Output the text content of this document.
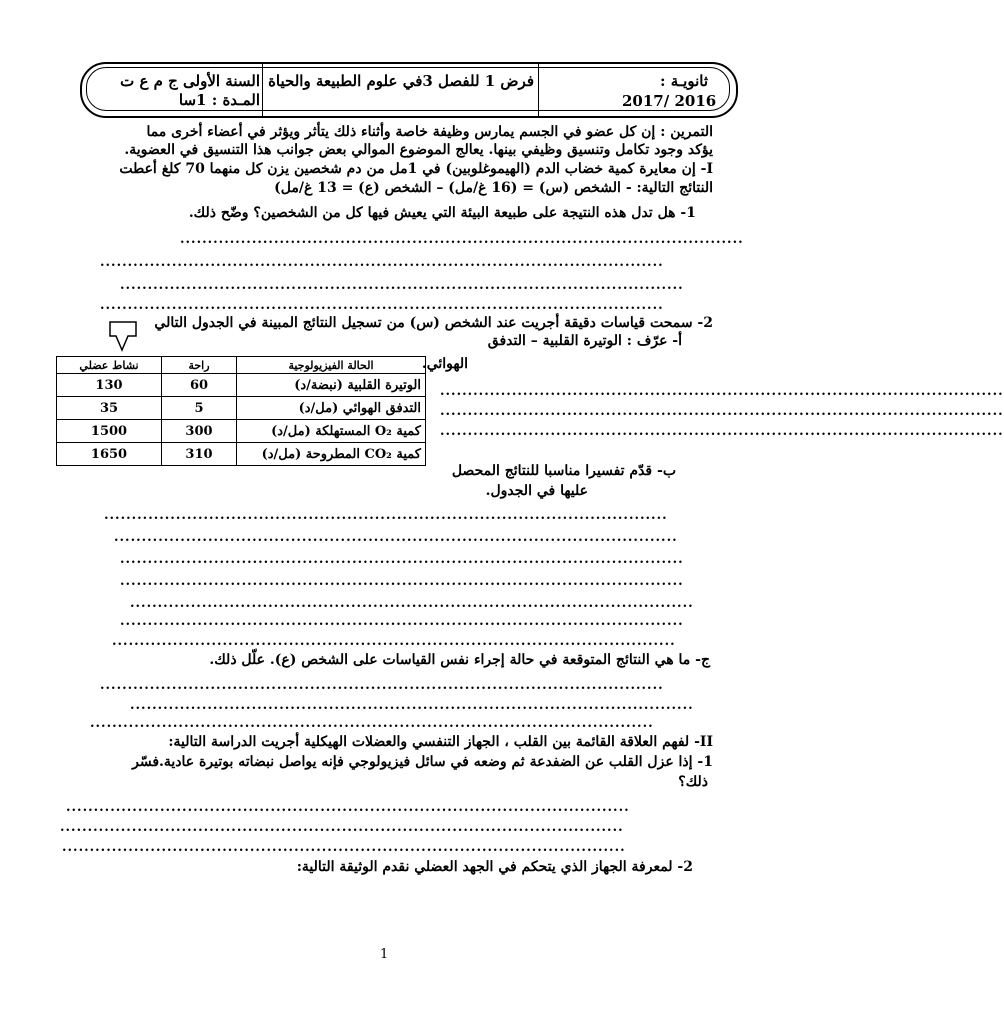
ثانويـة :
2017/ 2016
فرض 1 للفصل 3في علوم الطبيعة والحياة
السنة الأولى ج م ع ت
المـدة : 1سا
التمرين : إن كل عضو في الجسم يمارس وظيفة خاصة وأثناء ذلك يتأثر ويؤثر في أعضاء أخرى مما
يؤكد وجود تكامل وتنسيق وظيفي بينها. يعالج الموضوع الموالي بعض جوانب هذا التنسيق في العضوية.
I- إن معايرة كمية خضاب الدم (الهيموغلوبين) في 1مل من دم شخصين يزن كل منهما 70 كلغ أعطت
النتائج التالية: - الشخص (س) = (16 غ/مل) – الشخص (ع) = 13 غ/مل)
1- هل تدل هذه النتيجة على طبيعة البيئة التي يعيش فيها كل من الشخصين؟ وضّح ذلك.
......................................................................................................
......................................................................................................
......................................................................................................
......................................................................................................
2- سمحت قياسات دقيقة أجريت عند الشخص (س) من تسجيل النتائج المبينة في الجدول التالي
أ- عرّف : الوتيرة القلبية – التدفق
الهوائي.
الحالة الفيزيولوجية	راحة	نشاط عضلي
الوتيرة القلبية (نبضة/د)	60	130
التدفق الهوائي (مل/د)	5	35
كمية O₂ المستهلكة (مل/د)	300	1500
كمية CO₂ المطروحة (مل/د)	310	1650
......................................................................................................
......................................................................................................
......................................................................................................
ب- قدّم تفسيرا مناسبا للنتائج المحصل
عليها في الجدول.
......................................................................................................
......................................................................................................
......................................................................................................
......................................................................................................
......................................................................................................
......................................................................................................
......................................................................................................
ج- ما هي النتائج المتوقعة في حالة إجراء نفس القياسات على الشخص (ع). علّل ذلك.
......................................................................................................
......................................................................................................
......................................................................................................
II- لفهم العلاقة القائمة بين القلب ، الجهاز التنفسي والعضلات الهيكلية أجريت الدراسة التالية:
1- إذا عزل القلب عن الضفدعة ثم وضعه في سائل فيزيولوجي فإنه يواصل نبضاته بوتيرة عادية.فسّر
ذلك؟
......................................................................................................
......................................................................................................
......................................................................................................
2- لمعرفة الجهاز الذي يتحكم في الجهد العضلي نقدم الوثيقة التالية:
1
